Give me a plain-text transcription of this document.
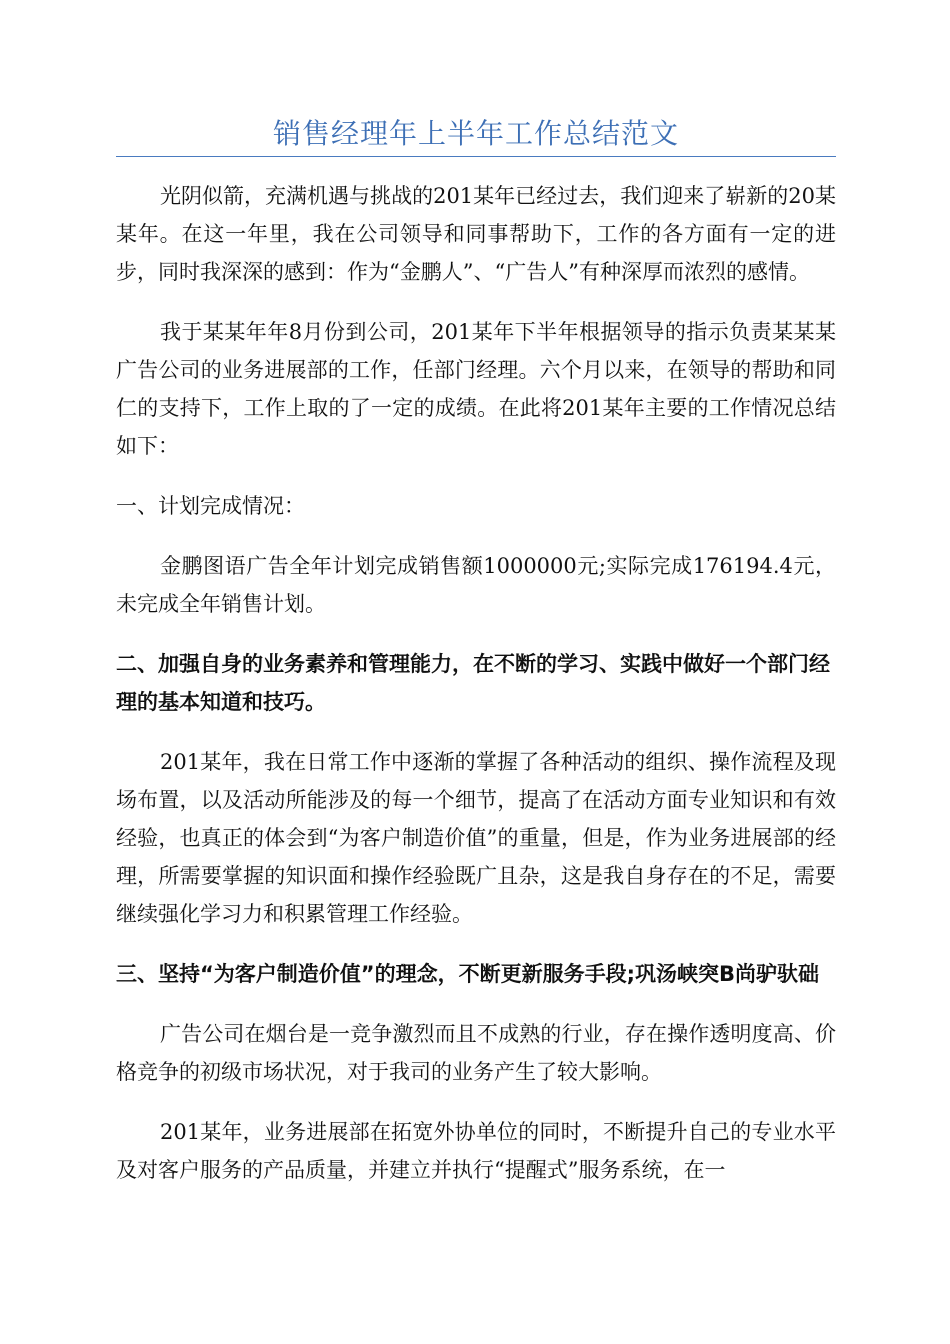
销售经理年上半年工作总结范文

光阴似箭，充满机遇与挑战的201某年已经过去，我们迎来了崭新的20某某年。在这一年里，我在公司领导和同事帮助下，工作的各方面有一定的进步，同时我深深的感到：作为“金鹏人”、“广告人”有种深厚而浓烈的感情。

我于某某年年8月份到公司，201某年下半年根据领导的指示负责某某某广告公司的业务进展部的工作，任部门经理。六个月以来，在领导的帮助和同仁的支持下，工作上取的了一定的成绩。在此将201某年主要的工作情况总结如下：

一、计划完成情况：

金鹏图语广告全年计划完成销售额1000000元;实际完成176194.4元，未完成全年销售计划。

二、加强自身的业务素养和管理能力，在不断的学习、实践中做好一个部门经理的基本知道和技巧。

201某年，我在日常工作中逐渐的掌握了各种活动的组织、操作流程及现场布置，以及活动所能涉及的每一个细节，提高了在活动方面专业知识和有效经验，也真正的体会到“为客户制造价值”的重量，但是，作为业务进展部的经理，所需要掌握的知识面和操作经验既广且杂，这是我自身存在的不足，需要继续强化学习力和积累管理工作经验。

三、坚持“为客户制造价值”的理念，不断更新服务手段;巩汤峡突B尚驴驮础

广告公司在烟台是一竞争激烈而且不成熟的行业，存在操作透明度高、价格竞争的初级市场状况，对于我司的业务产生了较大影响。

201某年，业务进展部在拓宽外协单位的同时，不断提升自己的专业水平及对客户服务的产品质量，并建立并执行“提醒式”服务系统，在一
